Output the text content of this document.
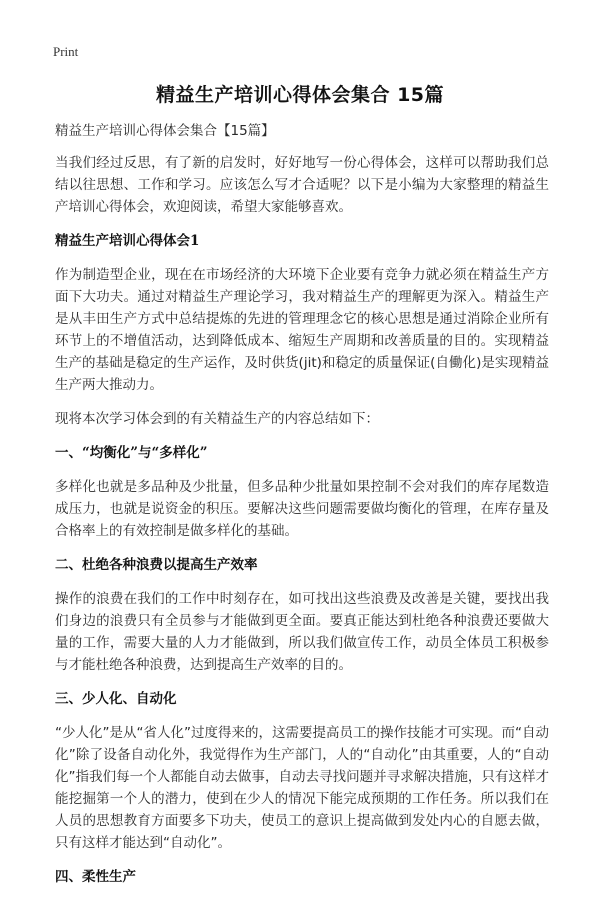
Print
精益生产培训心得体会集合 15篇

精益生产培训心得体会集合【15篇】

当我们经过反思，有了新的启发时，好好地写一份心得体会，这样可以帮助我们总结以往思想、工作和学习。应该怎么写才合适呢？以下是小编为大家整理的精益生产培训心得体会，欢迎阅读，希望大家能够喜欢。

精益生产培训心得体会1

作为制造型企业，现在在市场经济的大环境下企业要有竞争力就必须在精益生产方面下大功夫。通过对精益生产理论学习，我对精益生产的理解更为深入。精益生产是从丰田生产方式中总结提炼的先进的管理理念它的核心思想是通过消除企业所有环节上的不增值活动，达到降低成本、缩短生产周期和改善质量的目的。实现精益生产的基础是稳定的生产运作，及时供货(jit)和稳定的质量保证(自働化)是实现精益生产两大推动力。

现将本次学习体会到的有关精益生产的内容总结如下：

一、“均衡化”与“多样化”

多样化也就是多品种及少批量，但多品种少批量如果控制不会对我们的库存尾数造成压力，也就是说资金的积压。要解决这些问题需要做均衡化的管理，在库存量及合格率上的有效控制是做多样化的基础。

二、杜绝各种浪费以提高生产效率

操作的浪费在我们的工作中时刻存在，如可找出这些浪费及改善是关键，要找出我们身边的浪费只有全员参与才能做到更全面。要真正能达到杜绝各种浪费还要做大量的工作，需要大量的人力才能做到，所以我们做宣传工作，动员全体员工积极参与才能杜绝各种浪费，达到提高生产效率的目的。

三、少人化、自动化

“少人化”是从“省人化”过度得来的，这需要提高员工的操作技能才可实现。而“自动化”除了设备自动化外，我觉得作为生产部门，人的“自动化”由其重要，人的“自动化”指我们每一个人都能自动去做事，自动去寻找问题并寻求解决措施，只有这样才能挖掘第一个人的潜力，使到在少人的情况下能完成预期的工作任务。所以我们在人员的思想教育方面要多下功夫，使员工的意识上提高做到发处内心的自愿去做，只有这样才能达到“自动化”。

四、柔性生产
